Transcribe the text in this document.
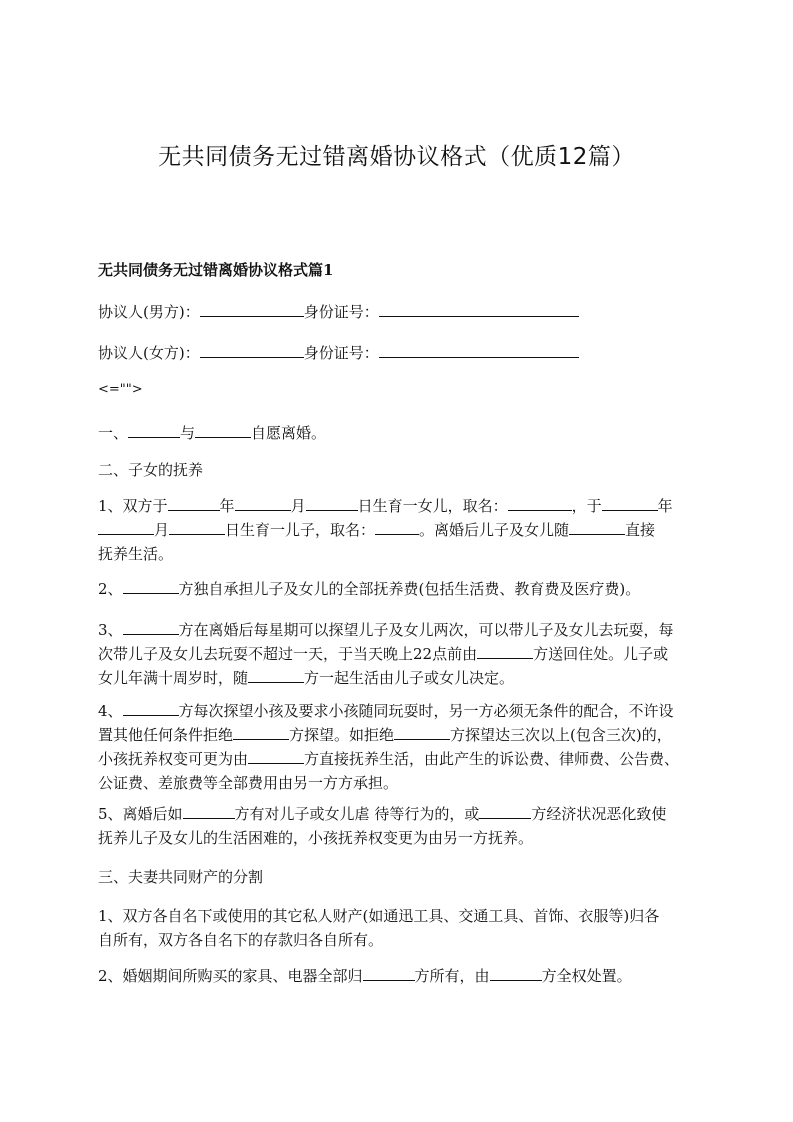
无共同债务无过错离婚协议格式（优质12篇）
无共同债务无过错离婚协议格式篇1
协议人(男方)：	身份证号：
协议人(女方)：	身份证号：
<="">
一、	与	自愿离婚。
二、子女的抚养
1、双方于	年	月	日生育一女儿，取名：	，于	年
月	日生育一儿子，取名：	。离婚后儿子及女儿随	直接
抚养生活。
2、	方独自承担儿子及女儿的全部抚养费(包括生活费、教育费及医疗费)。
3、	方在离婚后每星期可以探望儿子及女儿两次，可以带儿子及女儿去玩耍，每
次带儿子及女儿去玩耍不超过一天，于当天晚上22点前由	方送回住处。儿子或
女儿年满十周岁时，随	方一起生活由儿子或女儿决定。
4、	方每次探望小孩及要求小孩随同玩耍时，另一方必须无条件的配合，不许设
置其他任何条件拒绝	方探望。如拒绝	方探望达三次以上(包含三次)的，
小孩抚养权变可更为由	方直接抚养生活，由此产生的诉讼费、律师费、公告费、
公证费、差旅费等全部费用由另一方方承担。
5、离婚后如	方有对儿子或女儿虐 待等行为的，或	方经济状况恶化致使
抚养儿子及女儿的生活困难的，小孩抚养权变更为由另一方抚养。
三、夫妻共同财产的分割
1、双方各自名下或使用的其它私人财产(如通迅工具、交通工具、首饰、衣服等)归各
自所有，双方各自名下的存款归各自所有。
2、婚姻期间所购买的家具、电器全部归	方所有，由	方全权处置。
